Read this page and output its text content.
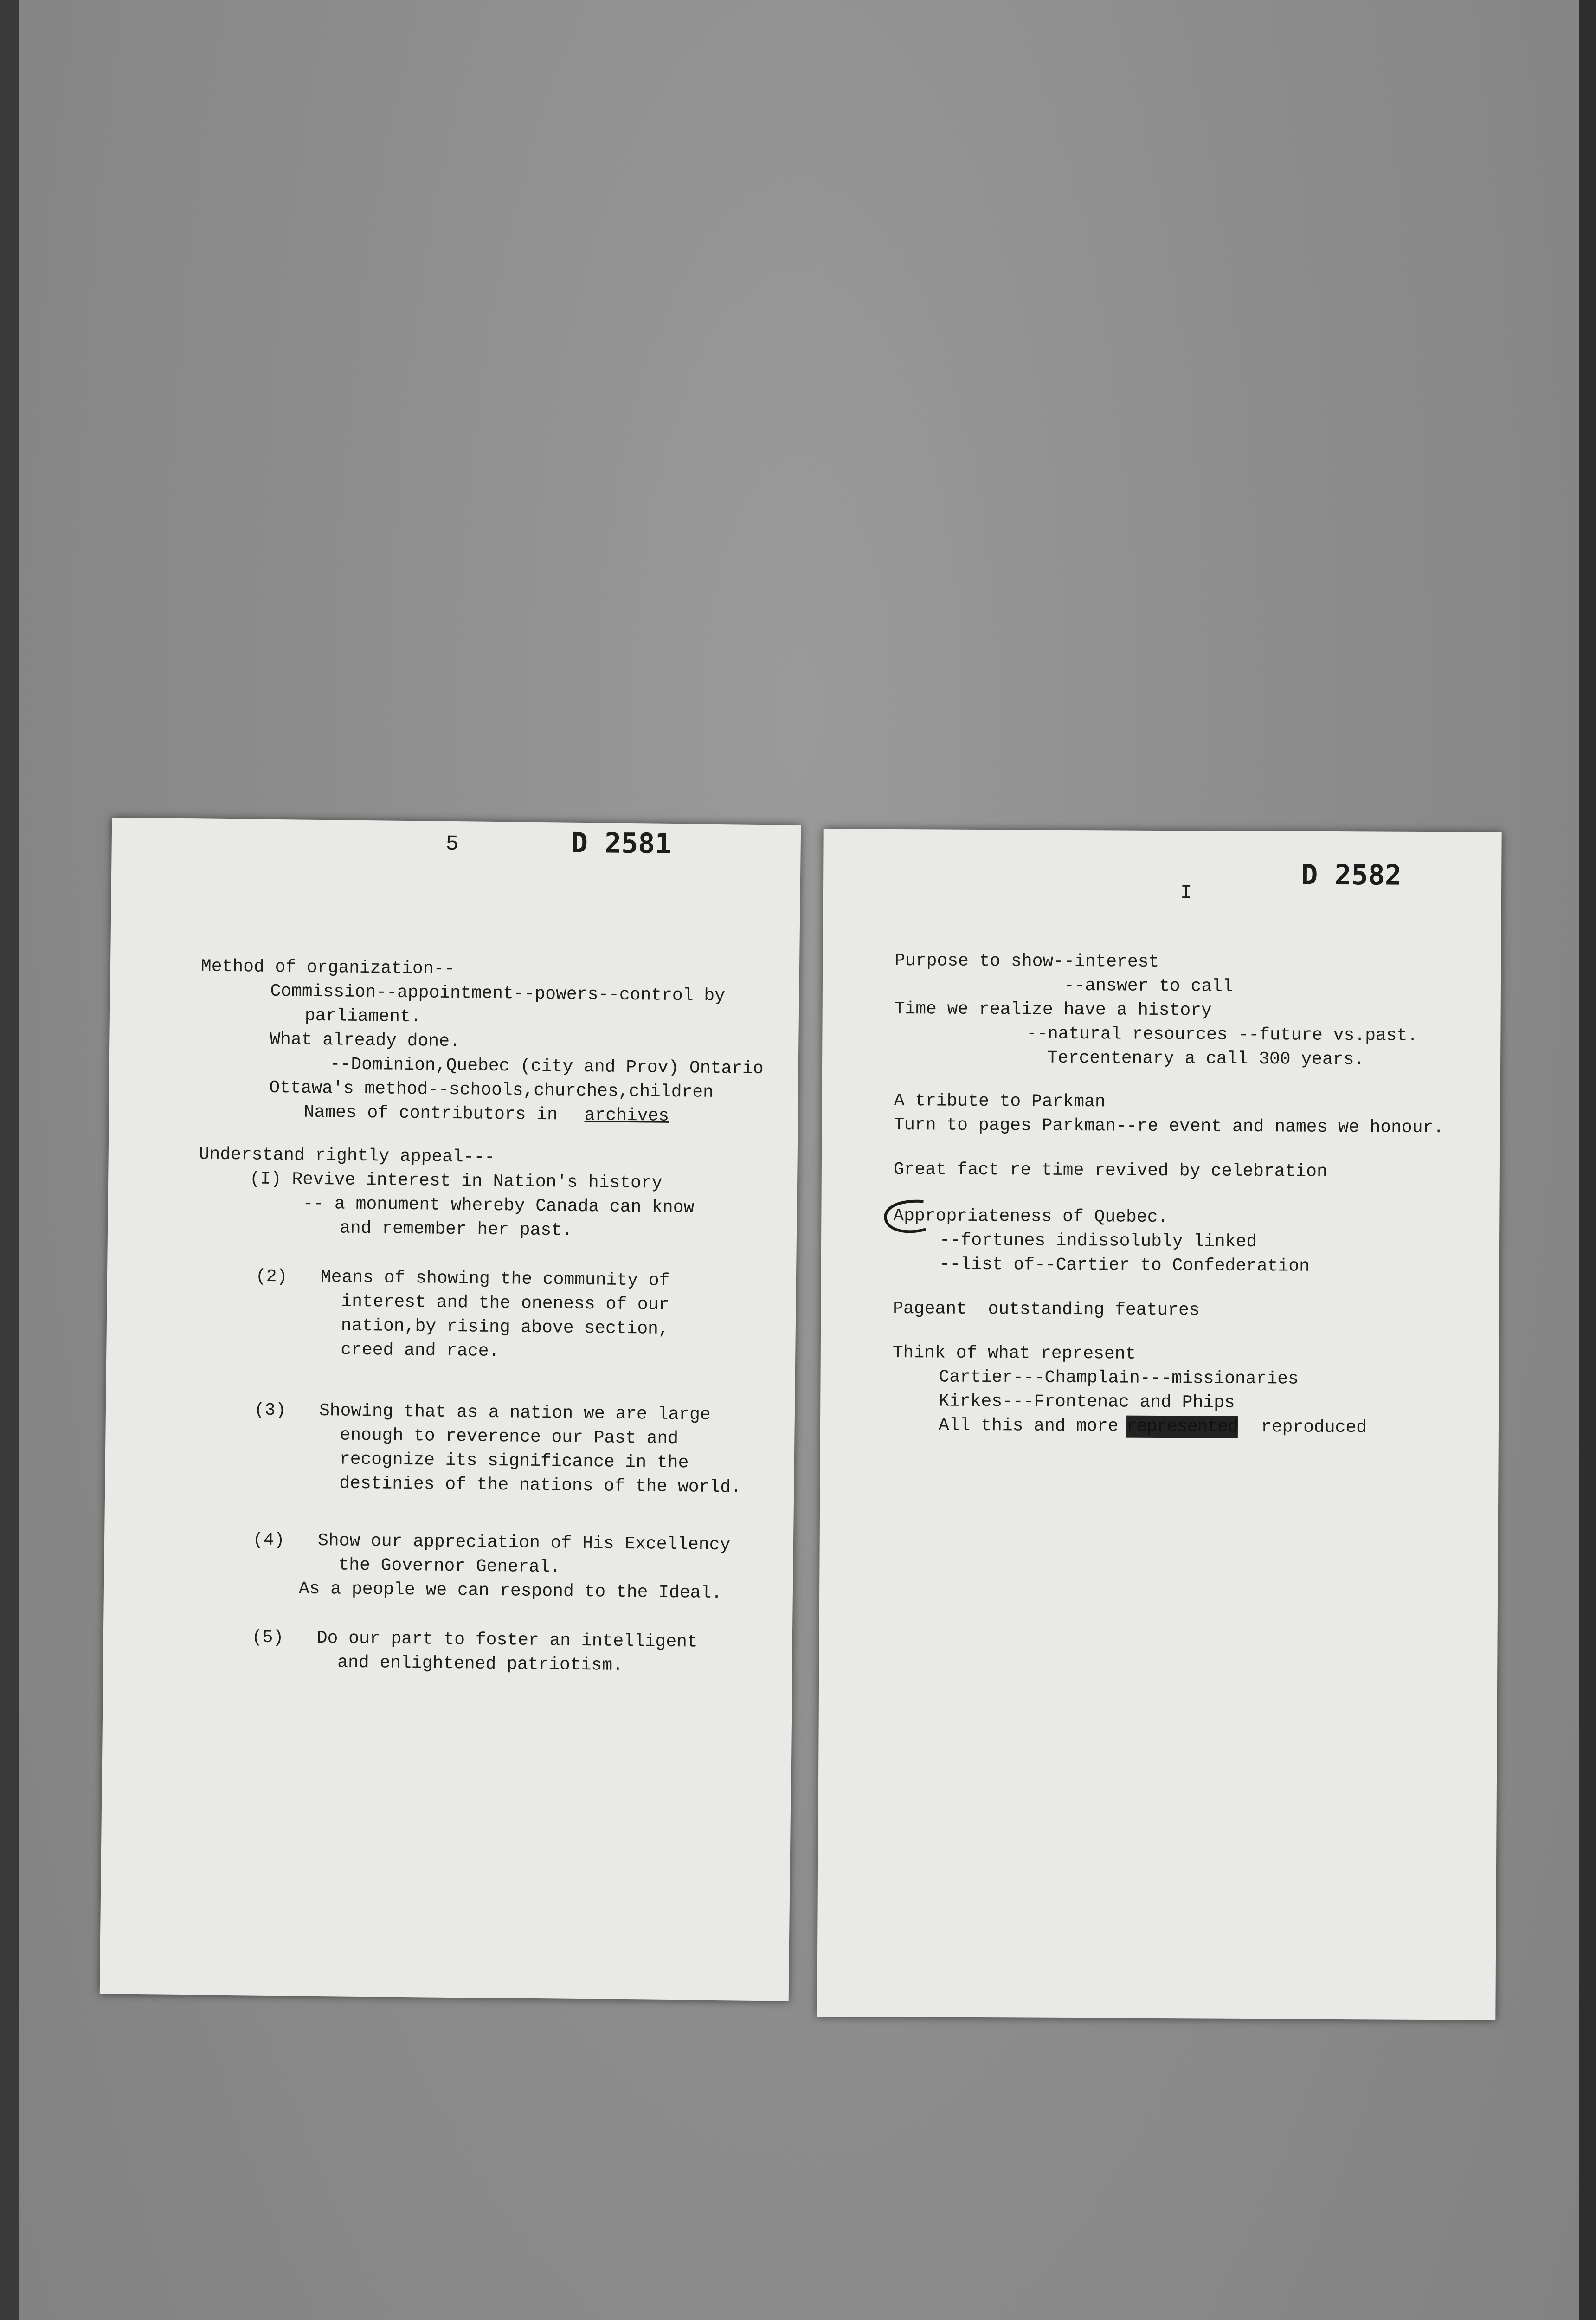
5	D 2581
Method of organization--
Commission--appointment--powers--control by
parliament.
What already done.
--Dominion,Quebec (city and Prov) Ontario
Ottawa's method--schools,churches,children
Names of contributors in archives
Understand rightly appeal---
(I) Revive interest in Nation's history
-- a monument whereby Canada can know
and remember her past.
(2) Means of showing the community of
interest and the oneness of our
nation,by rising above section,
creed and race.
(3) Showing that as a nation we are large
enough to reverence our Past and
recognize its significance in the
destinies of the nations of the world.
(4) Show our appreciation of His Excellency
the Governor General.
As a people we can respond to the Ideal.
(5) Do our part to foster an intelligent
and enlightened patriotism.
I
D 2582
Purpose to show--interest
--answer to call
Time we realize have a history
--natural resources --future vs.past.
Tercentenary a call 300 years.
A tribute to Parkman
Turn to pages Parkman--re event and names we honour.
Great fact re time revived by celebration
Appropriateness of Quebec.
--fortunes indissolubly linked
--list of--Cartier to Confederation
Pageant  outstanding features
Think of what represent
Cartier---Champlain---missionaries
Kirkes---Frontenac and Phips
All this and more represented reproduced
